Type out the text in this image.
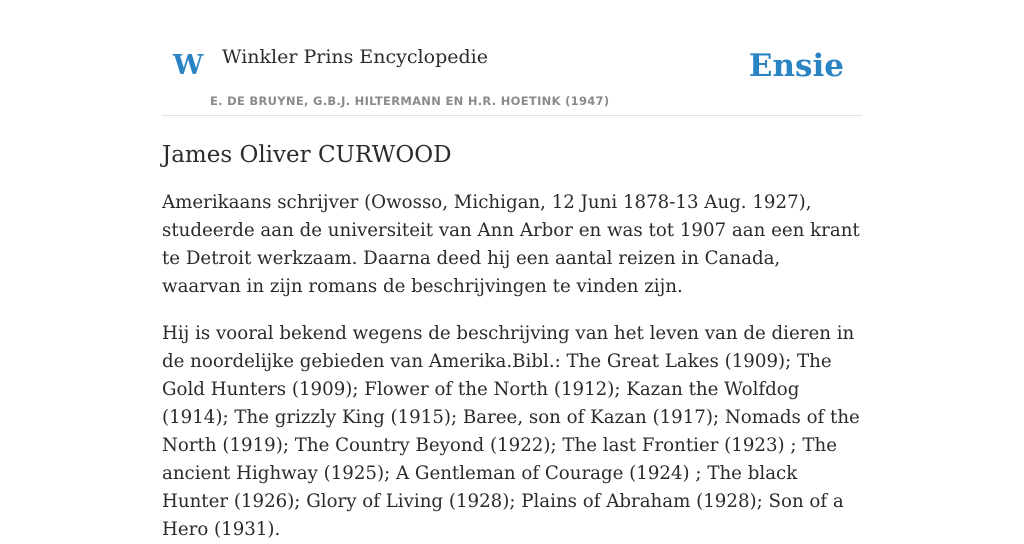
W Winkler Prins Encyclopedie
E. DE BRUYNE, G.B.J. HILTERMANN EN H.R. HOETINK (1947)
Ensie
James Oliver CURWOOD

Amerikaans schrijver (Owosso, Michigan, 12 Juni 1878-13 Aug. 1927), studeerde aan de universiteit van Ann Arbor en was tot 1907 aan een krant te Detroit werkzaam. Daarna deed hij een aantal reizen in Canada, waarvan in zijn romans de beschrijvingen te vinden zijn.

Hij is vooral bekend wegens de beschrijving van het leven van de dieren in de noordelijke gebieden van Amerika.Bibl.: The Great Lakes (1909); The Gold Hunters (1909); Flower of the North (1912); Kazan the Wolfdog (1914); The grizzly King (1915); Baree, son of Kazan (1917); Nomads of the North (1919); The Country Beyond (1922); The last Frontier (1923) ; The ancient Highway (1925); A Gentleman of Courage (1924) ; The black Hunter (1926); Glory of Living (1928); Plains of Abraham (1928); Son of a Hero (1931).
